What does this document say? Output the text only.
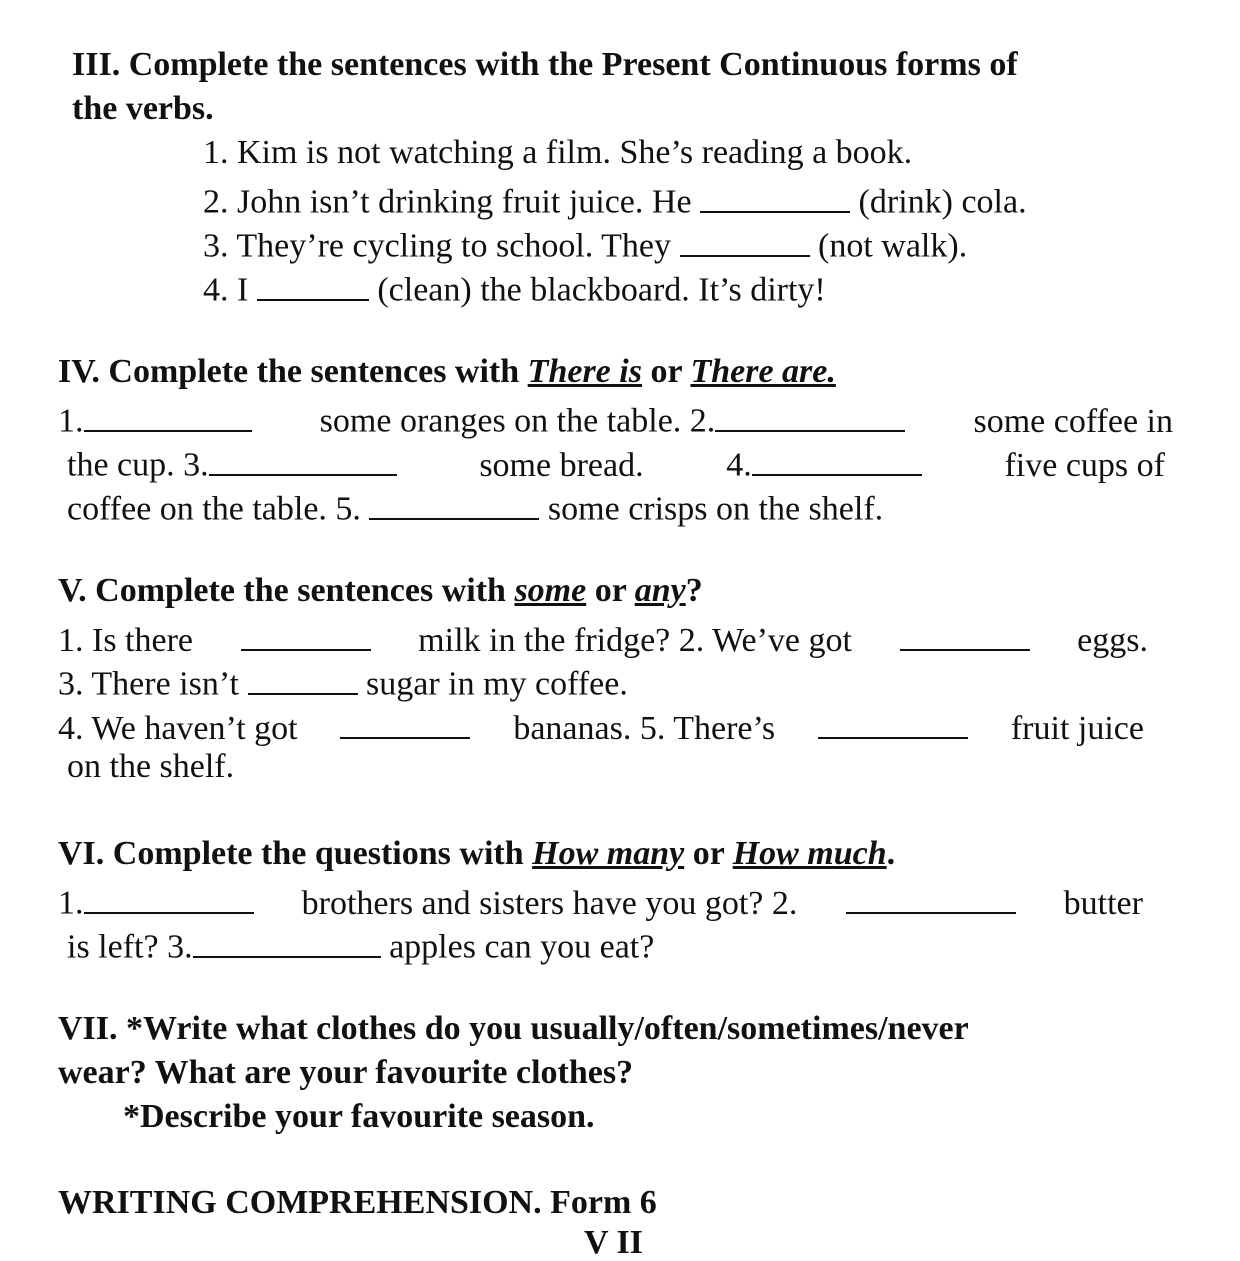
III. Complete the sentences with the Present Continuous forms of
the verbs.
1. Kim is not watching a film. She’s reading a book.
2. John isn’t drinking fruit juice. He	(drink) cola.
3. They’re cycling to school. They	(not walk).
4. I	(clean) the blackboard. It’s dirty!
IV. Complete the sentences with There is or There are.
1.	some oranges on the table. 2.	some coffee in
the cup. 3.	some bread. 4.	five cups of
coffee on the table. 5.	some crisps on the shelf.
V. Complete the sentences with some or any?
1. Is there	milk in the fridge? 2. We’ve got	eggs.
3. There isn’t	sugar in my coffee.
4. We haven’t got	bananas. 5. There’s	fruit juice
on the shelf.
VI. Complete the questions with How many or How much.
1.	brothers and sisters have you got? 2.	butter
is left? 3.	apples can you eat?
VII. *Write what clothes do you usually/often/sometimes/never
wear? What are your favourite clothes?
*Describe your favourite season.
WRITING COMPREHENSION. Form 6
V II
